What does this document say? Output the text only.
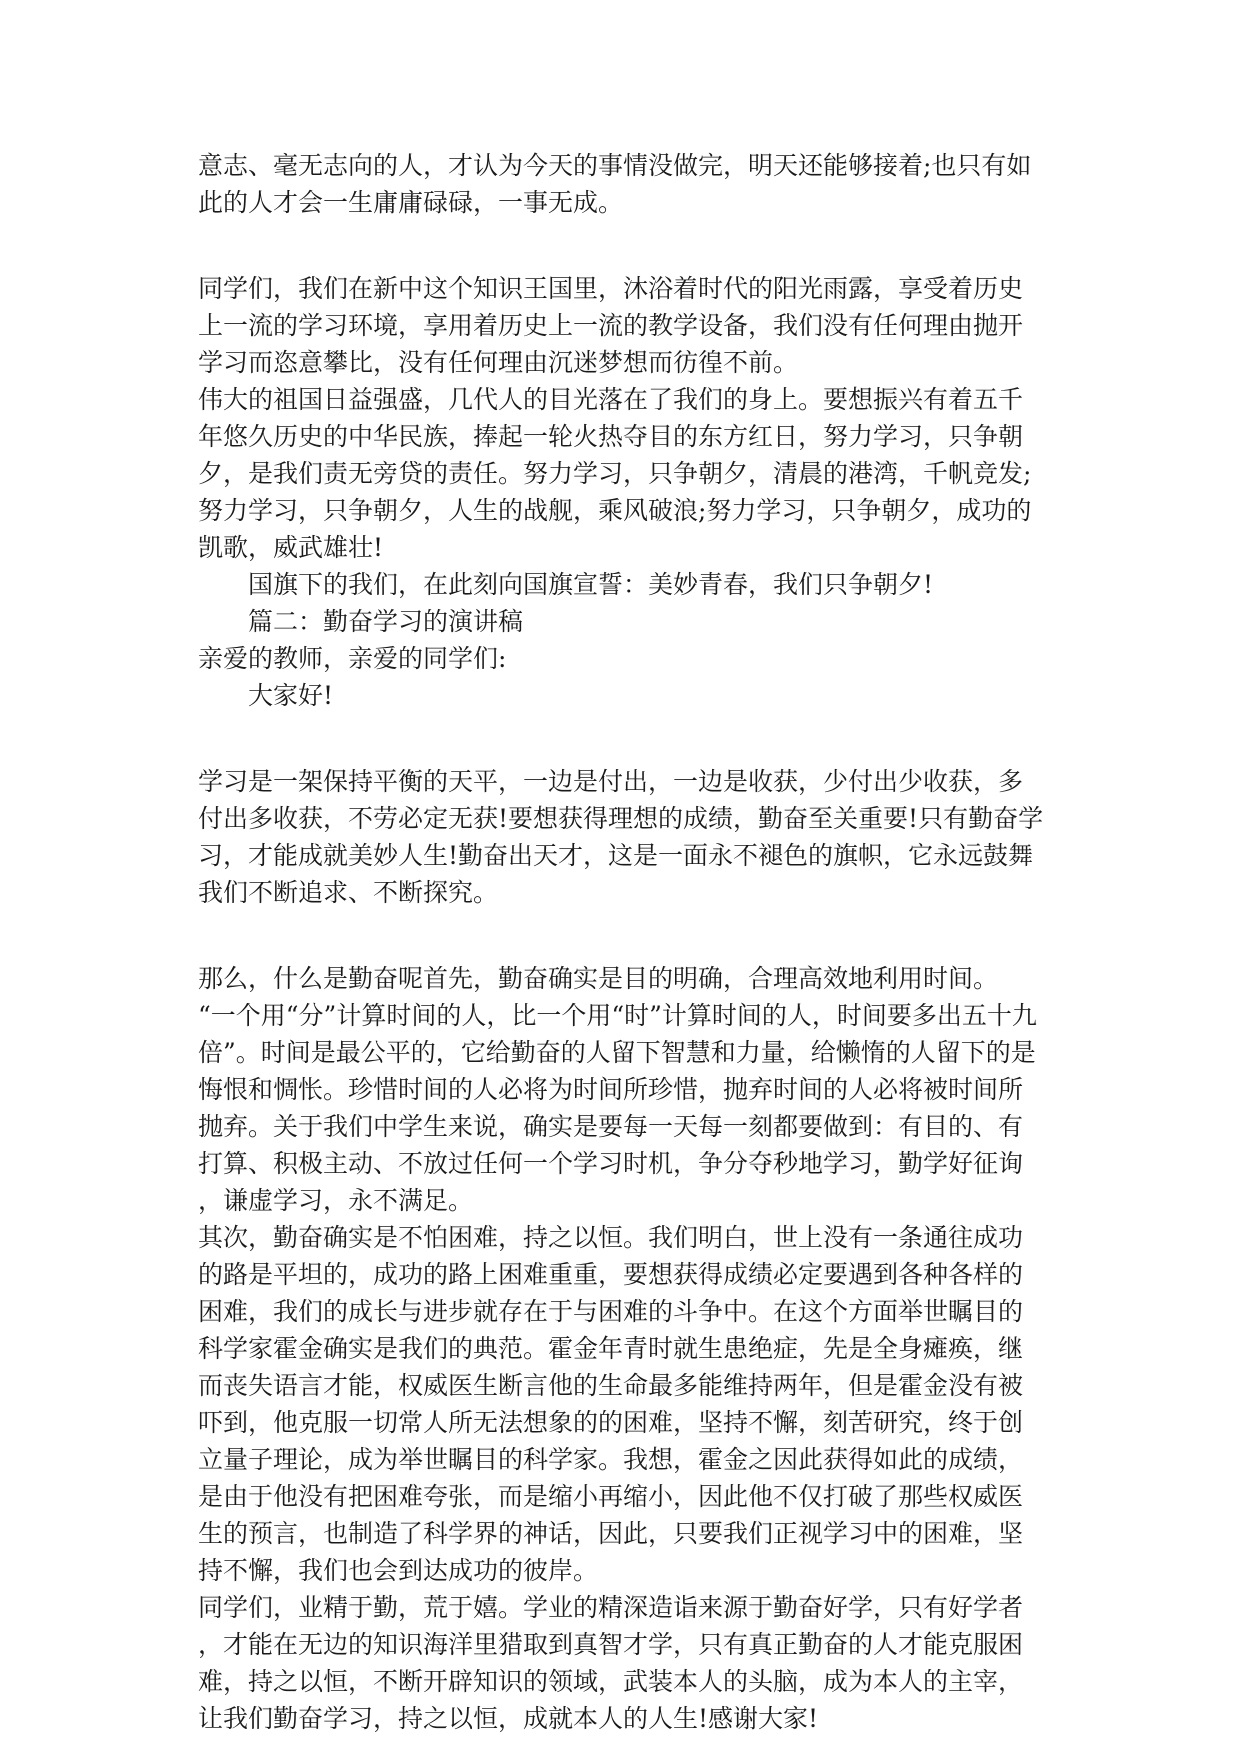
意志、毫无志向的人，才认为今天的事情没做完，明天还能够接着;也只有如
此的人才会一生庸庸碌碌，一事无成。
同学们，我们在新中这个知识王国里，沐浴着时代的阳光雨露，享受着历史
上一流的学习环境，享用着历史上一流的教学设备，我们没有任何理由抛开
学习而恣意攀比，没有任何理由沉迷梦想而彷徨不前。
伟大的祖国日益强盛，几代人的目光落在了我们的身上。要想振兴有着五千
年悠久历史的中华民族，捧起一轮火热夺目的东方红日，努力学习，只争朝
夕，是我们责无旁贷的责任。努力学习，只争朝夕，清晨的港湾，千帆竞发;
努力学习，只争朝夕，人生的战舰，乘风破浪;努力学习，只争朝夕，成功的
凯歌，威武雄壮!
国旗下的我们，在此刻向国旗宣誓：美妙青春，我们只争朝夕!
篇二：勤奋学习的演讲稿
亲爱的教师，亲爱的同学们:
大家好!
学习是一架保持平衡的天平，一边是付出，一边是收获，少付出少收获，多
付出多收获，不劳必定无获!要想获得理想的成绩，勤奋至关重要!只有勤奋学
习，才能成就美妙人生!勤奋出天才，这是一面永不褪色的旗帜，它永远鼓舞
我们不断追求、不断探究。
那么，什么是勤奋呢首先，勤奋确实是目的明确，合理高效地利用时间。
“一个用“分”计算时间的人，比一个用“时”计算时间的人，时间要多出五十九
倍”。时间是最公平的，它给勤奋的人留下智慧和力量，给懒惰的人留下的是
悔恨和惆怅。珍惜时间的人必将为时间所珍惜，抛弃时间的人必将被时间所
抛弃。关于我们中学生来说，确实是要每一天每一刻都要做到：有目的、有
打算、积极主动、不放过任何一个学习时机，争分夺秒地学习，勤学好征询
，谦虚学习，永不满足。
其次，勤奋确实是不怕困难，持之以恒。我们明白，世上没有一条通往成功
的路是平坦的，成功的路上困难重重，要想获得成绩必定要遇到各种各样的
困难，我们的成长与进步就存在于与困难的斗争中。在这个方面举世瞩目的
科学家霍金确实是我们的典范。霍金年青时就生患绝症，先是全身瘫痪，继
而丧失语言才能，权威医生断言他的生命最多能维持两年，但是霍金没有被
吓到，他克服一切常人所无法想象的的困难，坚持不懈，刻苦研究，终于创
立量子理论，成为举世瞩目的科学家。我想，霍金之因此获得如此的成绩，
是由于他没有把困难夸张，而是缩小再缩小，因此他不仅打破了那些权威医
生的预言，也制造了科学界的神话，因此，只要我们正视学习中的困难，坚
持不懈，我们也会到达成功的彼岸。
同学们，业精于勤，荒于嬉。学业的精深造诣来源于勤奋好学，只有好学者
，才能在无边的知识海洋里猎取到真智才学，只有真正勤奋的人才能克服困
难，持之以恒，不断开辟知识的领域，武装本人的头脑，成为本人的主宰，
让我们勤奋学习，持之以恒，成就本人的人生!感谢大家!
